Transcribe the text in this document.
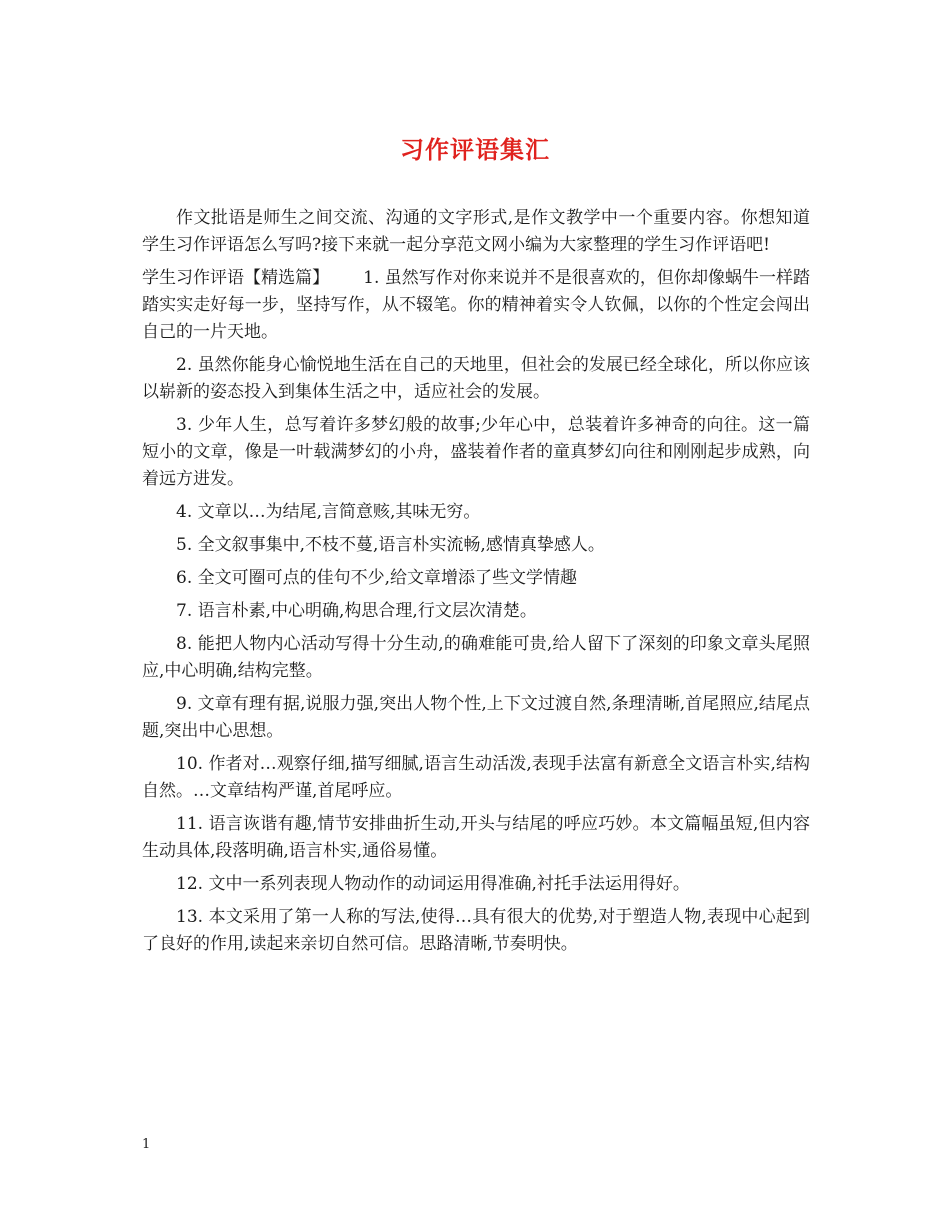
习作评语集汇

作文批语是师生之间交流、沟通的文字形式,是作文教学中一个重要内容。你想知道学生习作评语怎么写吗?接下来就一起分享范文网小编为大家整理的学生习作评语吧!

学生习作评语【精选篇】 1. 虽然写作对你来说并不是很喜欢的，但你却像蜗牛一样踏踏实实走好每一步，坚持写作，从不辍笔。你的精神着实令人钦佩，以你的个性定会闯出自己的一片天地。

2. 虽然你能身心愉悦地生活在自己的天地里，但社会的发展已经全球化，所以你应该以崭新的姿态投入到集体生活之中，适应社会的发展。

3. 少年人生，总写着许多梦幻般的故事;少年心中，总装着许多神奇的向往。这一篇短小的文章，像是一叶载满梦幻的小舟，盛装着作者的童真梦幻向往和刚刚起步成熟，向着远方进发。

4. 文章以…为结尾,言简意赅,其味无穷。

5. 全文叙事集中,不枝不蔓,语言朴实流畅,感情真挚感人。

6. 全文可圈可点的佳句不少,给文章增添了些文学情趣

7. 语言朴素,中心明确,构思合理,行文层次清楚。

8. 能把人物内心活动写得十分生动,的确难能可贵,给人留下了深刻的印象文章头尾照应,中心明确,结构完整。

9. 文章有理有据,说服力强,突出人物个性,上下文过渡自然,条理清晰,首尾照应,结尾点题,突出中心思想。

10. 作者对…观察仔细,描写细腻,语言生动活泼,表现手法富有新意全文语言朴实,结构自然。…文章结构严谨,首尾呼应。

11. 语言诙谐有趣,情节安排曲折生动,开头与结尾的呼应巧妙。本文篇幅虽短,但内容生动具体,段落明确,语言朴实,通俗易懂。

12. 文中一系列表现人物动作的动词运用得准确,衬托手法运用得好。

13. 本文采用了第一人称的写法,使得…具有很大的优势,对于塑造人物,表现中心起到了良好的作用,读起来亲切自然可信。思路清晰,节奏明快。

1
